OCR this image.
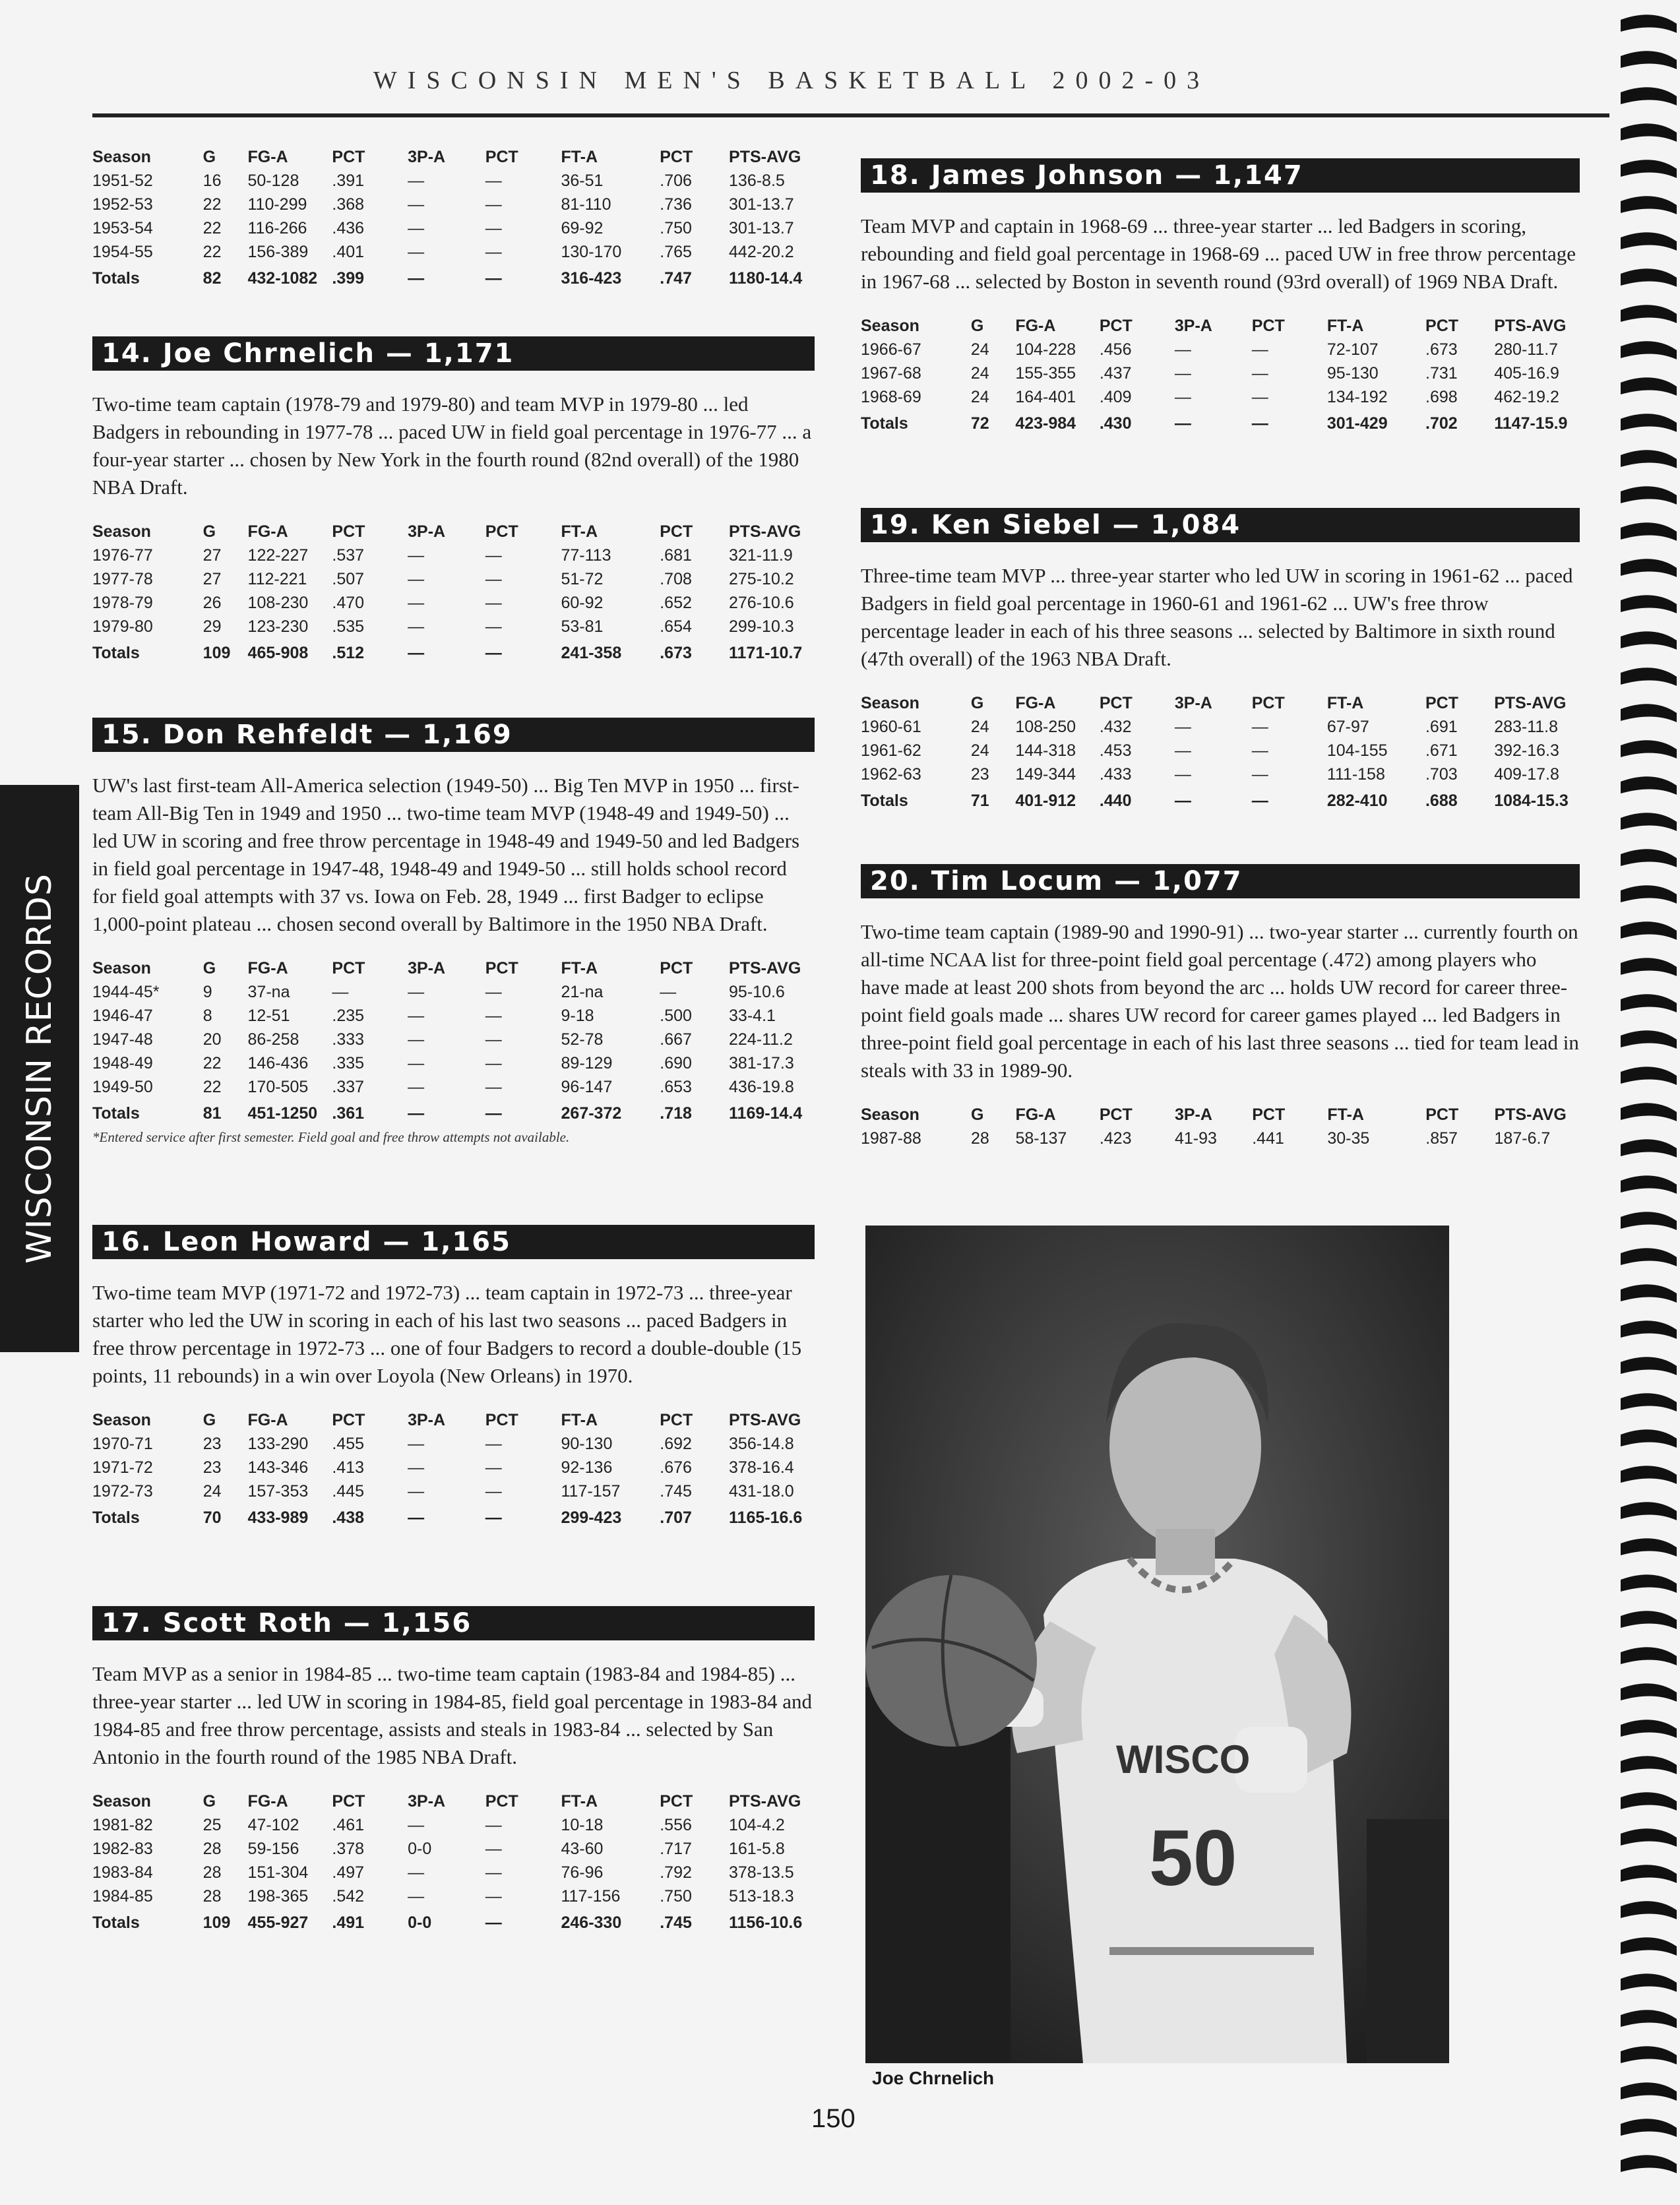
WISCONSIN MEN'S BASKETBALL 2002-03
WISCONSIN RECORDS
Season	G	FG-A	PCT	3P-A	PCT	FT-A	PCT	PTS-AVG
1951-52	16	50-128	.391	—	—	36-51	.706	136-8.5
1952-53	22	110-299	.368	—	—	81-110	.736	301-13.7
1953-54	22	116-266	.436	—	—	69-92	.750	301-13.7
1954-55	22	156-389	.401	—	—	130-170	.765	442-20.2
Totals	82	432-1082	.399	—	—	316-423	.747	1180-14.4
14. Joe Chrnelich — 1,171

Two-time team captain (1978-79 and 1979-80) and team MVP in 1979-80 ... led Badgers in rebounding in 1977-78 ... paced UW in field goal percentage in 1976-77 ... a four-year starter ... chosen by New York in the fourth round (82nd overall) of the 1980 NBA Draft.

Season	G	FG-A	PCT	3P-A	PCT	FT-A	PCT	PTS-AVG
1976-77	27	122-227	.537	—	—	77-113	.681	321-11.9
1977-78	27	112-221	.507	—	—	51-72	.708	275-10.2
1978-79	26	108-230	.470	—	—	60-92	.652	276-10.6
1979-80	29	123-230	.535	—	—	53-81	.654	299-10.3
Totals	109	465-908	.512	—	—	241-358	.673	1171-10.7
15. Don Rehfeldt — 1,169

UW's last first-team All-America selection (1949-50) ... Big Ten MVP in 1950 ... first-team All-Big Ten in 1949 and 1950 ... two-time team MVP (1948-49 and 1949-50) ... led UW in scoring and free throw percentage in 1948-49 and 1949-50 and led Badgers in field goal percentage in 1947-48, 1948-49 and 1949-50 ... still holds school record for field goal attempts with 37 vs. Iowa on Feb. 28, 1949 ... first Badger to eclipse 1,000-point plateau ... chosen second overall by Baltimore in the 1950 NBA Draft.

Season	G	FG-A	PCT	3P-A	PCT	FT-A	PCT	PTS-AVG
1944-45*	9	37-na	—	—	—	21-na	—	95-10.6
1946-47	8	12-51	.235	—	—	9-18	.500	33-4.1
1947-48	20	86-258	.333	—	—	52-78	.667	224-11.2
1948-49	22	146-436	.335	—	—	89-129	.690	381-17.3
1949-50	22	170-505	.337	—	—	96-147	.653	436-19.8
Totals	81	451-1250	.361	—	—	267-372	.718	1169-14.4
*Entered service after first semester. Field goal and free throw attempts not available.
16. Leon Howard — 1,165

Two-time team MVP (1971-72 and 1972-73) ... team captain in 1972-73 ... three-year starter who led the UW in scoring in each of his last two seasons ... paced Badgers in free throw percentage in 1972-73 ... one of four Badgers to record a double-double (15 points, 11 rebounds) in a win over Loyola (New Orleans) in 1970.

Season	G	FG-A	PCT	3P-A	PCT	FT-A	PCT	PTS-AVG
1970-71	23	133-290	.455	—	—	90-130	.692	356-14.8
1971-72	23	143-346	.413	—	—	92-136	.676	378-16.4
1972-73	24	157-353	.445	—	—	117-157	.745	431-18.0
Totals	70	433-989	.438	—	—	299-423	.707	1165-16.6
17. Scott Roth — 1,156

Team MVP as a senior in 1984-85 ... two-time team captain (1983-84 and 1984-85) ... three-year starter ... led UW in scoring in 1984-85, field goal percentage in 1983-84 and 1984-85 and free throw percentage, assists and steals in 1983-84 ... selected by San Antonio in the fourth round of the 1985 NBA Draft.

Season	G	FG-A	PCT	3P-A	PCT	FT-A	PCT	PTS-AVG
1981-82	25	47-102	.461	—	—	10-18	.556	104-4.2
1982-83	28	59-156	.378	0-0	—	43-60	.717	161-5.8
1983-84	28	151-304	.497	—	—	76-96	.792	378-13.5
1984-85	28	198-365	.542	—	—	117-156	.750	513-18.3
Totals	109	455-927	.491	0-0	—	246-330	.745	1156-10.6
18. James Johnson — 1,147

Team MVP and captain in 1968-69 ... three-year starter ... led Badgers in scoring, rebounding and field goal percentage in 1968-69 ... paced UW in free throw percentage in 1967-68 ... selected by Boston in seventh round (93rd overall) of 1969 NBA Draft.

Season	G	FG-A	PCT	3P-A	PCT	FT-A	PCT	PTS-AVG
1966-67	24	104-228	.456	—	—	72-107	.673	280-11.7
1967-68	24	155-355	.437	—	—	95-130	.731	405-16.9
1968-69	24	164-401	.409	—	—	134-192	.698	462-19.2
Totals	72	423-984	.430	—	—	301-429	.702	1147-15.9
19. Ken Siebel — 1,084

Three-time team MVP ... three-year starter who led UW in scoring in 1961-62 ... paced Badgers in field goal percentage in 1960-61 and 1961-62 ... UW's free throw percentage leader in each of his three seasons ... selected by Baltimore in sixth round (47th overall) of the 1963 NBA Draft.

Season	G	FG-A	PCT	3P-A	PCT	FT-A	PCT	PTS-AVG
1960-61	24	108-250	.432	—	—	67-97	.691	283-11.8
1961-62	24	144-318	.453	—	—	104-155	.671	392-16.3
1962-63	23	149-344	.433	—	—	111-158	.703	409-17.8
Totals	71	401-912	.440	—	—	282-410	.688	1084-15.3
20. Tim Locum — 1,077

Two-time team captain (1989-90 and 1990-91) ... two-year starter ... currently fourth on all-time NCAA list for three-point field goal percentage (.472) among players who have made at least 200 shots from beyond the arc ... holds UW record for career three-point field goals made ... shares UW record for career games played ... led Badgers in three-point field goal percentage in each of his last three seasons ... tied for team lead in steals with 33 in 1989-90.

Season	G	FG-A	PCT	3P-A	PCT	FT-A	PCT	PTS-AVG
1987-88	28	58-137	.423	41-93	.441	30-35	.857	187-6.7
WISCO
50
Joe Chrnelich
150
